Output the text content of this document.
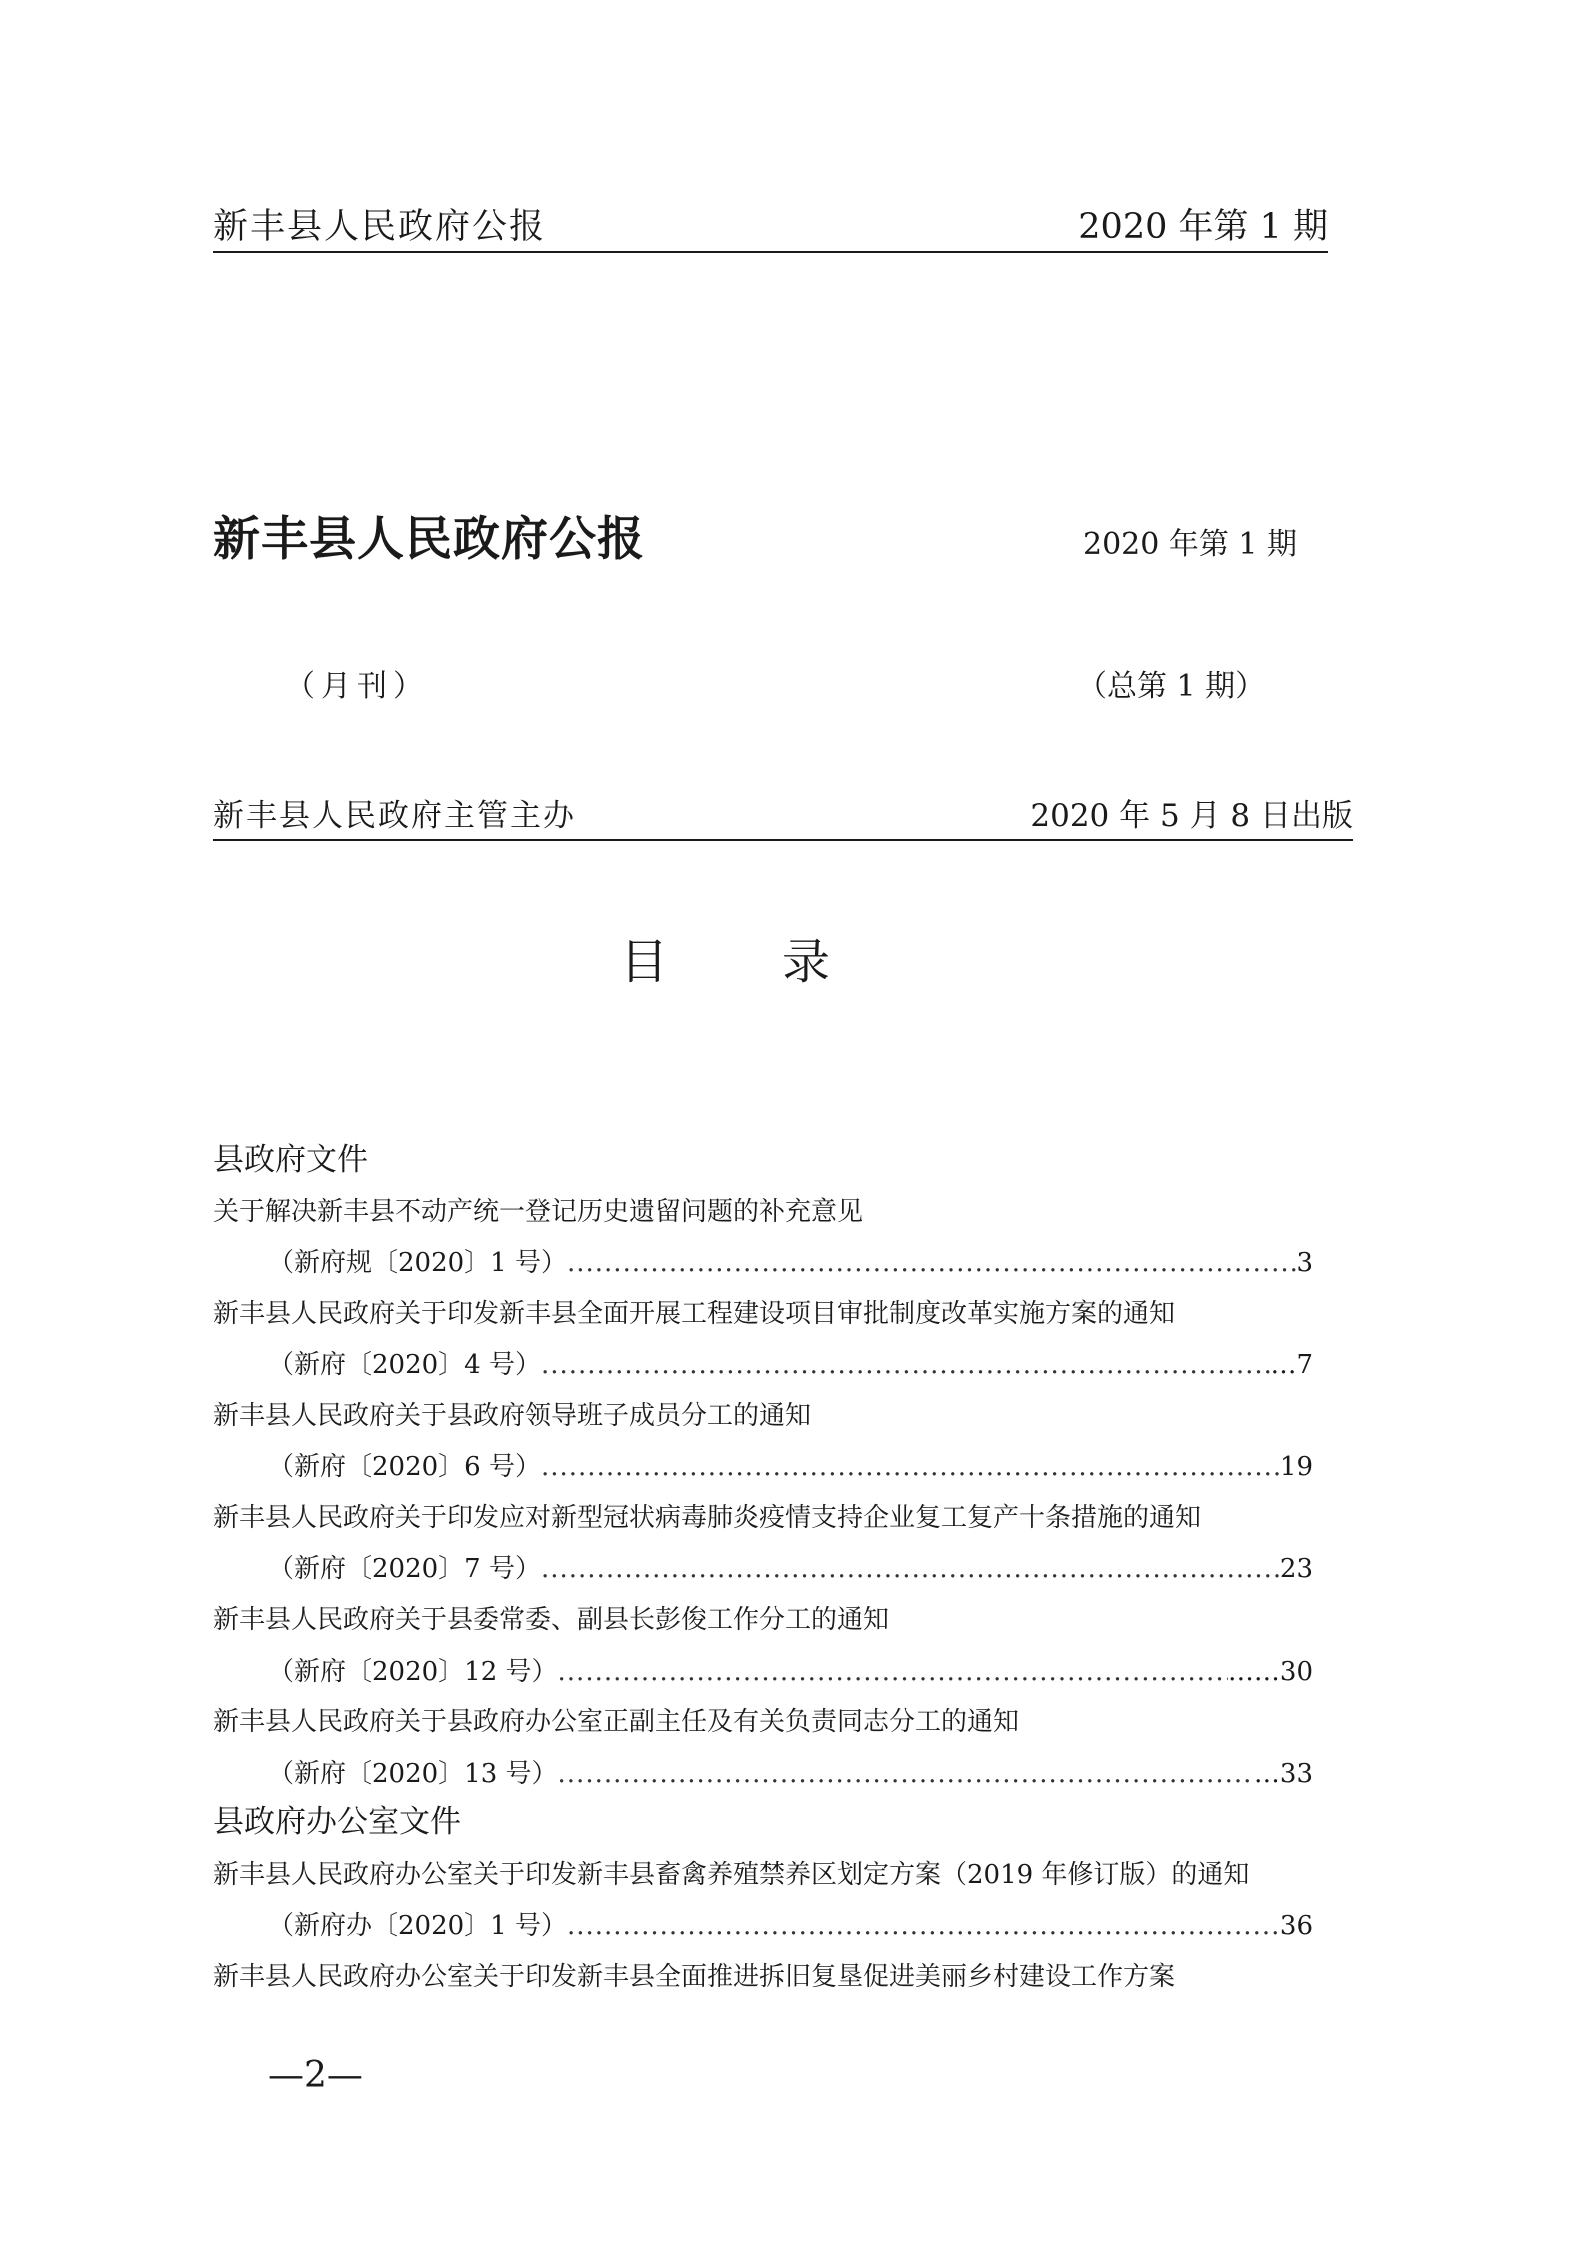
新丰县人民政府公报	2020 年第 1 期
新丰县人民政府公报	2020 年第 1 期
（月刊）	（总第 1 期）
新丰县人民政府主管主办	2020 年 5 月 8 日出版
目 录
县政府文件
关于解决新丰县不动产统一登记历史遗留问题的补充意见
（新府规〔2020〕1 号） .....	3
新丰县人民政府关于印发新丰县全面开展工程建设项目审批制度改革实施方案的通知
（新府〔2020〕4 号） .....	…7
新丰县人民政府关于县政府领导班子成员分工的通知
（新府〔2020〕6 号） .....	19
新丰县人民政府关于印发应对新型冠状病毒肺炎疫情支持企业复工复产十条措施的通知
（新府〔2020〕7 号） .....	23
新丰县人民政府关于县委常委、副县长彭俊工作分工的通知
（新府〔2020〕12 号） .....	……30
新丰县人民政府关于县政府办公室正副主任及有关负责同志分工的通知
（新府〔2020〕13 号） .....	…33
县政府办公室文件
新丰县人民政府办公室关于印发新丰县畜禽养殖禁养区划定方案（2019 年修订版）的通知
（新府办〔2020〕1 号） .....	36
新丰县人民政府办公室关于印发新丰县全面推进拆旧复垦促进美丽乡村建设工作方案
—2—
